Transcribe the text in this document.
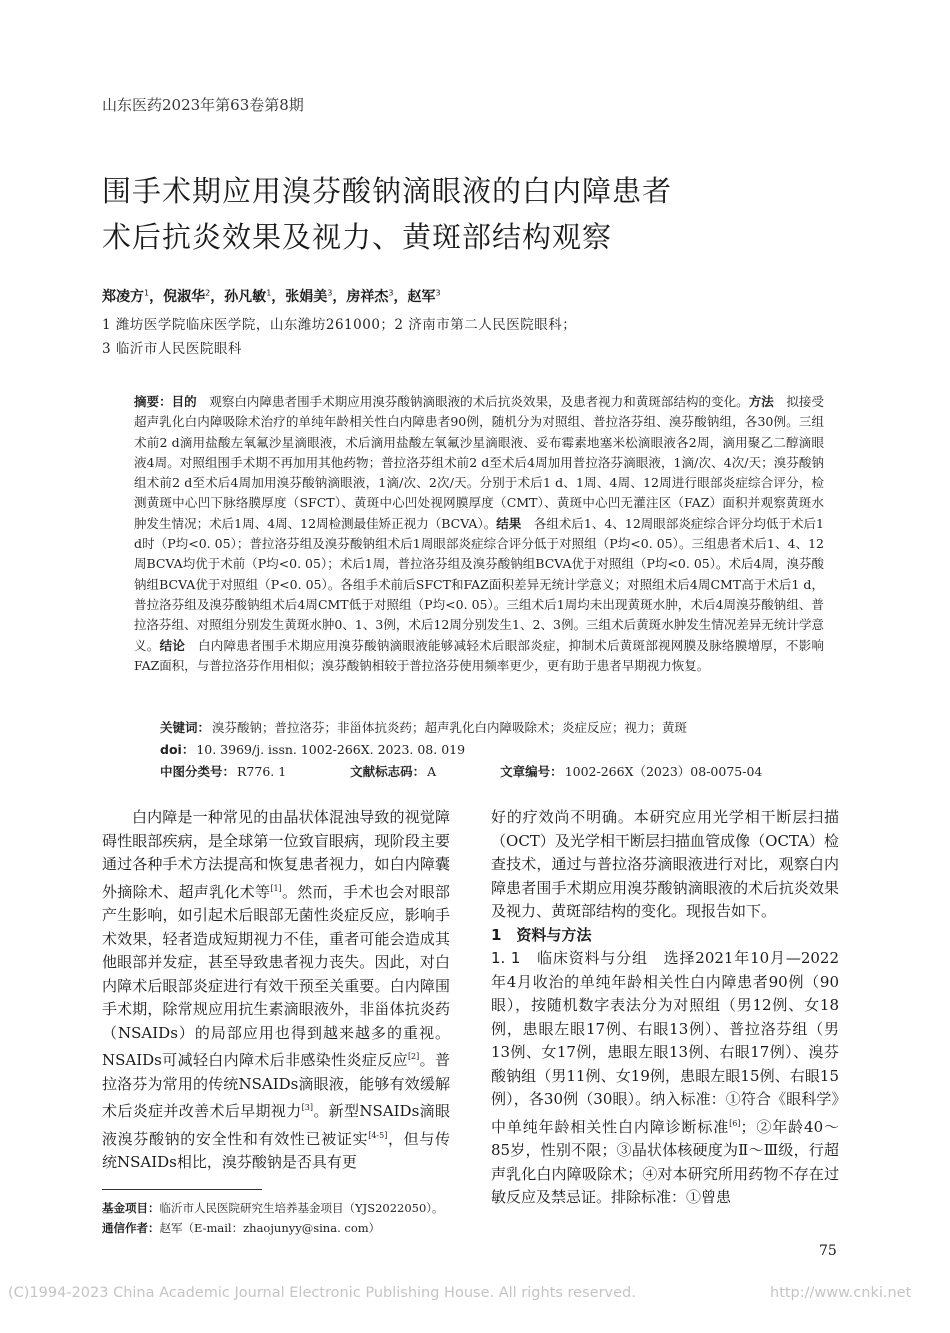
山东医药2023年第63卷第8期
围手术期应用溴芬酸钠滴眼液的白内障患者
术后抗炎效果及视力、黄斑部结构观察
郑凌方$^1$，倪淑华$^2$，孙凡敏$^1$，张娟美$^3$，房祥杰$^3$，赵军$^3$
1 潍坊医学院临床医学院，山东潍坊261000；2 济南市第二人民医院眼科；
3 临沂市人民医院眼科
摘要：目的　观察白内障患者围手术期应用溴芬酸钠滴眼液的术后抗炎效果，及患者视力和黄斑部结构的变化。方法　拟接受超声乳化白内障吸除术治疗的单纯年龄相关性白内障患者90例，随机分为对照组、普拉洛芬组、溴芬酸钠组，各30例。三组术前2 d滴用盐酸左氧氟沙星滴眼液，术后滴用盐酸左氧氟沙星滴眼液、妥布霉素地塞米松滴眼液各2周，滴用聚乙二醇滴眼液4周。对照组围手术期不再加用其他药物；普拉洛芬组术前2 d至术后4周加用普拉洛芬滴眼液，1滴/次、4次/天；溴芬酸钠组术前2 d至术后4周加用溴芬酸钠滴眼液，1滴/次、2次/天。分别于术后1 d、1周、4周、12周进行眼部炎症综合评分，检测黄斑中心凹下脉络膜厚度（SFCT）、黄斑中心凹处视网膜厚度（CMT）、黄斑中心凹无灌注区（FAZ）面积并观察黄斑水肿发生情况；术后1周、4周、12周检测最佳矫正视力（BCVA）。结果　各组术后1、4、12周眼部炎症综合评分均低于术后1 d时（P均<0. 05）；普拉洛芬组及溴芬酸钠组术后1周眼部炎症综合评分低于对照组（P均<0. 05）。三组患者术后1、4、12周BCVA均优于术前（P均<0. 05）；术后1周，普拉洛芬组及溴芬酸钠组BCVA优于对照组（P均<0. 05）。术后4周，溴芬酸钠组BCVA优于对照组（P<0. 05）。各组手术前后SFCT和FAZ面积差异无统计学意义；对照组术后4周CMT高于术后1 d，普拉洛芬组及溴芬酸钠组术后4周CMT低于对照组（P均<0. 05）。三组术后1周均未出现黄斑水肿，术后4周溴芬酸钠组、普拉洛芬组、对照组分别发生黄斑水肿0、1、3例，术后12周分别发生1、2、3例。三组术后黄斑水肿发生情况差异无统计学意义。结论　白内障患者围手术期应用溴芬酸钠滴眼液能够减轻术后眼部炎症，抑制术后黄斑部视网膜及脉络膜增厚，不影响FAZ面积，与普拉洛芬作用相似；溴芬酸钠相较于普拉洛芬使用频率更少，更有助于患者早期视力恢复。
关键词： 溴芬酸钠；普拉洛芬；非甾体抗炎药；超声乳化白内障吸除术；炎症反应；视力；黄斑
doi： 10. 3969/j. issn. 1002-266X. 2023. 08. 019
中图分类号： R776. 1	文献标志码： A	文章编号： 1002-266X（2023）08-0075-04

白内障是一种常见的由晶状体混浊导致的视觉障碍性眼部疾病，是全球第一位致盲眼病，现阶段主要通过各种手术方法提高和恢复患者视力，如白内障囊外摘除术、超声乳化术等[1]。然而，手术也会对眼部产生影响，如引起术后眼部无菌性炎症反应，影响手术效果，轻者造成短期视力不佳，重者可能会造成其他眼部并发症，甚至导致患者视力丧失。因此，对白内障术后眼部炎症进行有效干预至关重要。白内障围手术期，除常规应用抗生素滴眼液外，非甾体抗炎药（NSAIDs）的局部应用也得到越来越多的重视。NSAIDs可减轻白内障术后非感染性炎症反应[2]。普拉洛芬为常用的传统NSAIDs滴眼液，能够有效缓解术后炎症并改善术后早期视力[3]。新型NSAIDs滴眼液溴芬酸钠的安全性和有效性已被证实[4-5]，但与传统NSAIDs相比，溴芬酸钠是否具有更

好的疗效尚不明确。本研究应用光学相干断层扫描（OCT）及光学相干断层扫描血管成像（OCTA）检查技术，通过与普拉洛芬滴眼液进行对比，观察白内障患者围手术期应用溴芬酸钠滴眼液的术后抗炎效果及视力、黄斑部结构的变化。现报告如下。

1　资料与方法

1. 1　临床资料与分组　选择2021年10月—2022年4月收治的单纯年龄相关性白内障患者90例（90眼），按随机数字表法分为对照组（男12例、女18例，患眼左眼17例、右眼13例）、普拉洛芬组（男13例、女17例，患眼左眼13例、右眼17例）、溴芬酸钠组（男11例、女19例，患眼左眼15例、右眼15例），各30例（30眼）。纳入标准：①符合《眼科学》中单纯年龄相关性白内障诊断标准[6]；②年龄40～85岁，性别不限；③晶状体核硬度为Ⅱ～Ⅲ级，行超声乳化白内障吸除术；④对本研究所用药物不存在过敏反应及禁忌证。排除标准：①曾患

基金项目：临沂市人民医院研究生培养基金项目（YJS2022050）。
通信作者：赵军（E-mail：zhaojunyy@sina. com）
75
(C)1994-2023 China Academic Journal Electronic Publishing House. All rights reserved.	http://www.cnki.net
